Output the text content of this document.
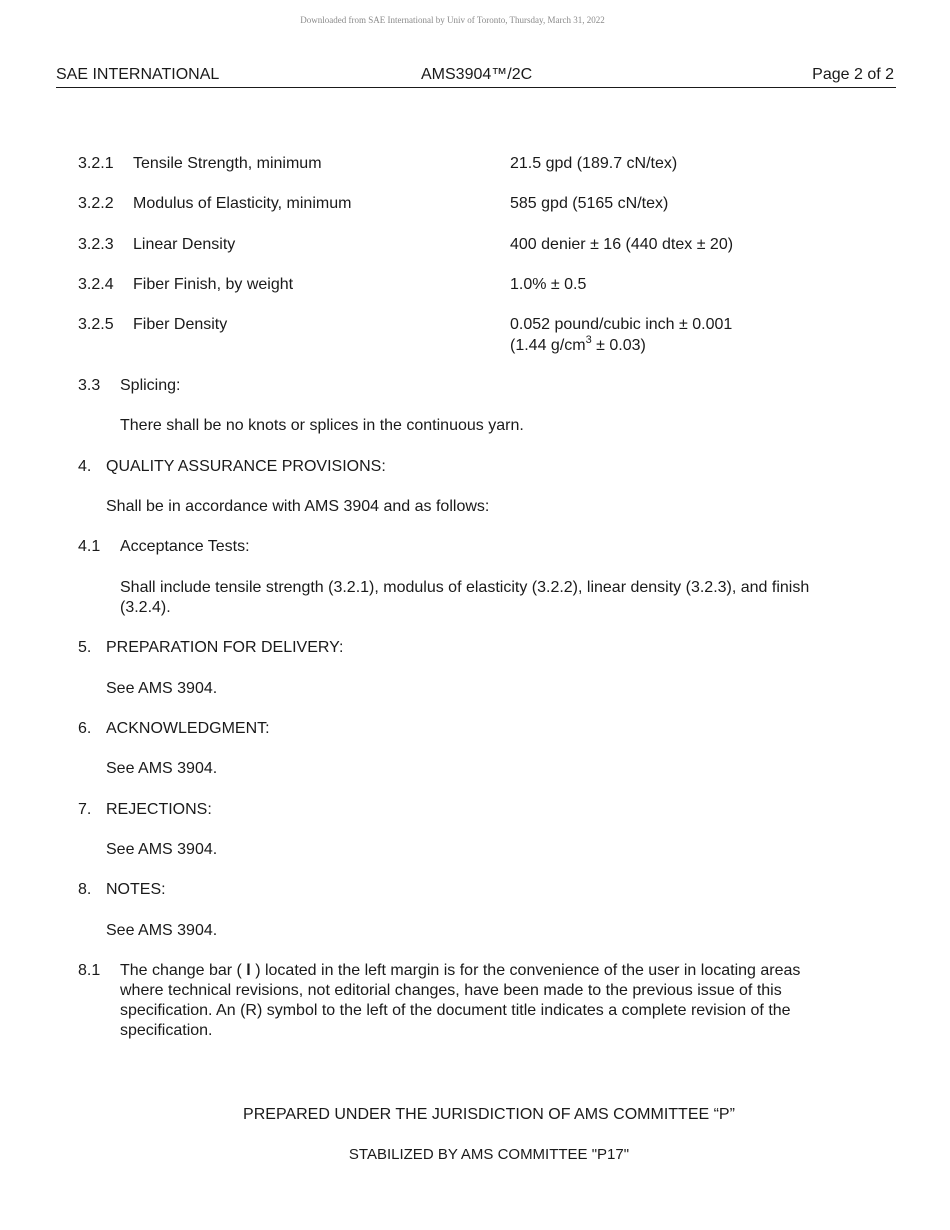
Downloaded from SAE International by Univ of Toronto, Thursday, March 31, 2022
SAE INTERNATIONAL	AMS3904™/2C	Page 2 of 2
3.2.1 Tensile Strength, minimum	21.5 gpd (189.7 cN/tex)
3.2.2 Modulus of Elasticity, minimum	585 gpd (5165 cN/tex)
3.2.3 Linear Density	400 denier ± 16 (440 dtex ± 20)
3.2.4 Fiber Finish, by weight	1.0% ± 0.5
3.2.5 Fiber Density	0.052 pound/cubic inch ± 0.001
(1.44 $g/cm^3 \pm 0.03$)
3.3 Splicing:
There shall be no knots or splices in the continuous yarn.
4. QUALITY ASSURANCE PROVISIONS:
Shall be in accordance with AMS 3904 and as follows:
4.1 Acceptance Tests:
Shall include tensile strength (3.2.1), modulus of elasticity (3.2.2), linear density (3.2.3), and finish
(3.2.4).
5. PREPARATION FOR DELIVERY:
See AMS 3904.
6. ACKNOWLEDGMENT:
See AMS 3904.
7. REJECTIONS:
See AMS 3904.
8. NOTES:
See AMS 3904.
8.1 The change bar ( l ) located in the left margin is for the convenience of the user in locating areas
where technical revisions, not editorial changes, have been made to the previous issue of this
specification. An (R) symbol to the left of the document title indicates a complete revision of the
specification.
PREPARED UNDER THE JURISDICTION OF AMS COMMITTEE “P”
STABILIZED BY AMS COMMITTEE "P17"
